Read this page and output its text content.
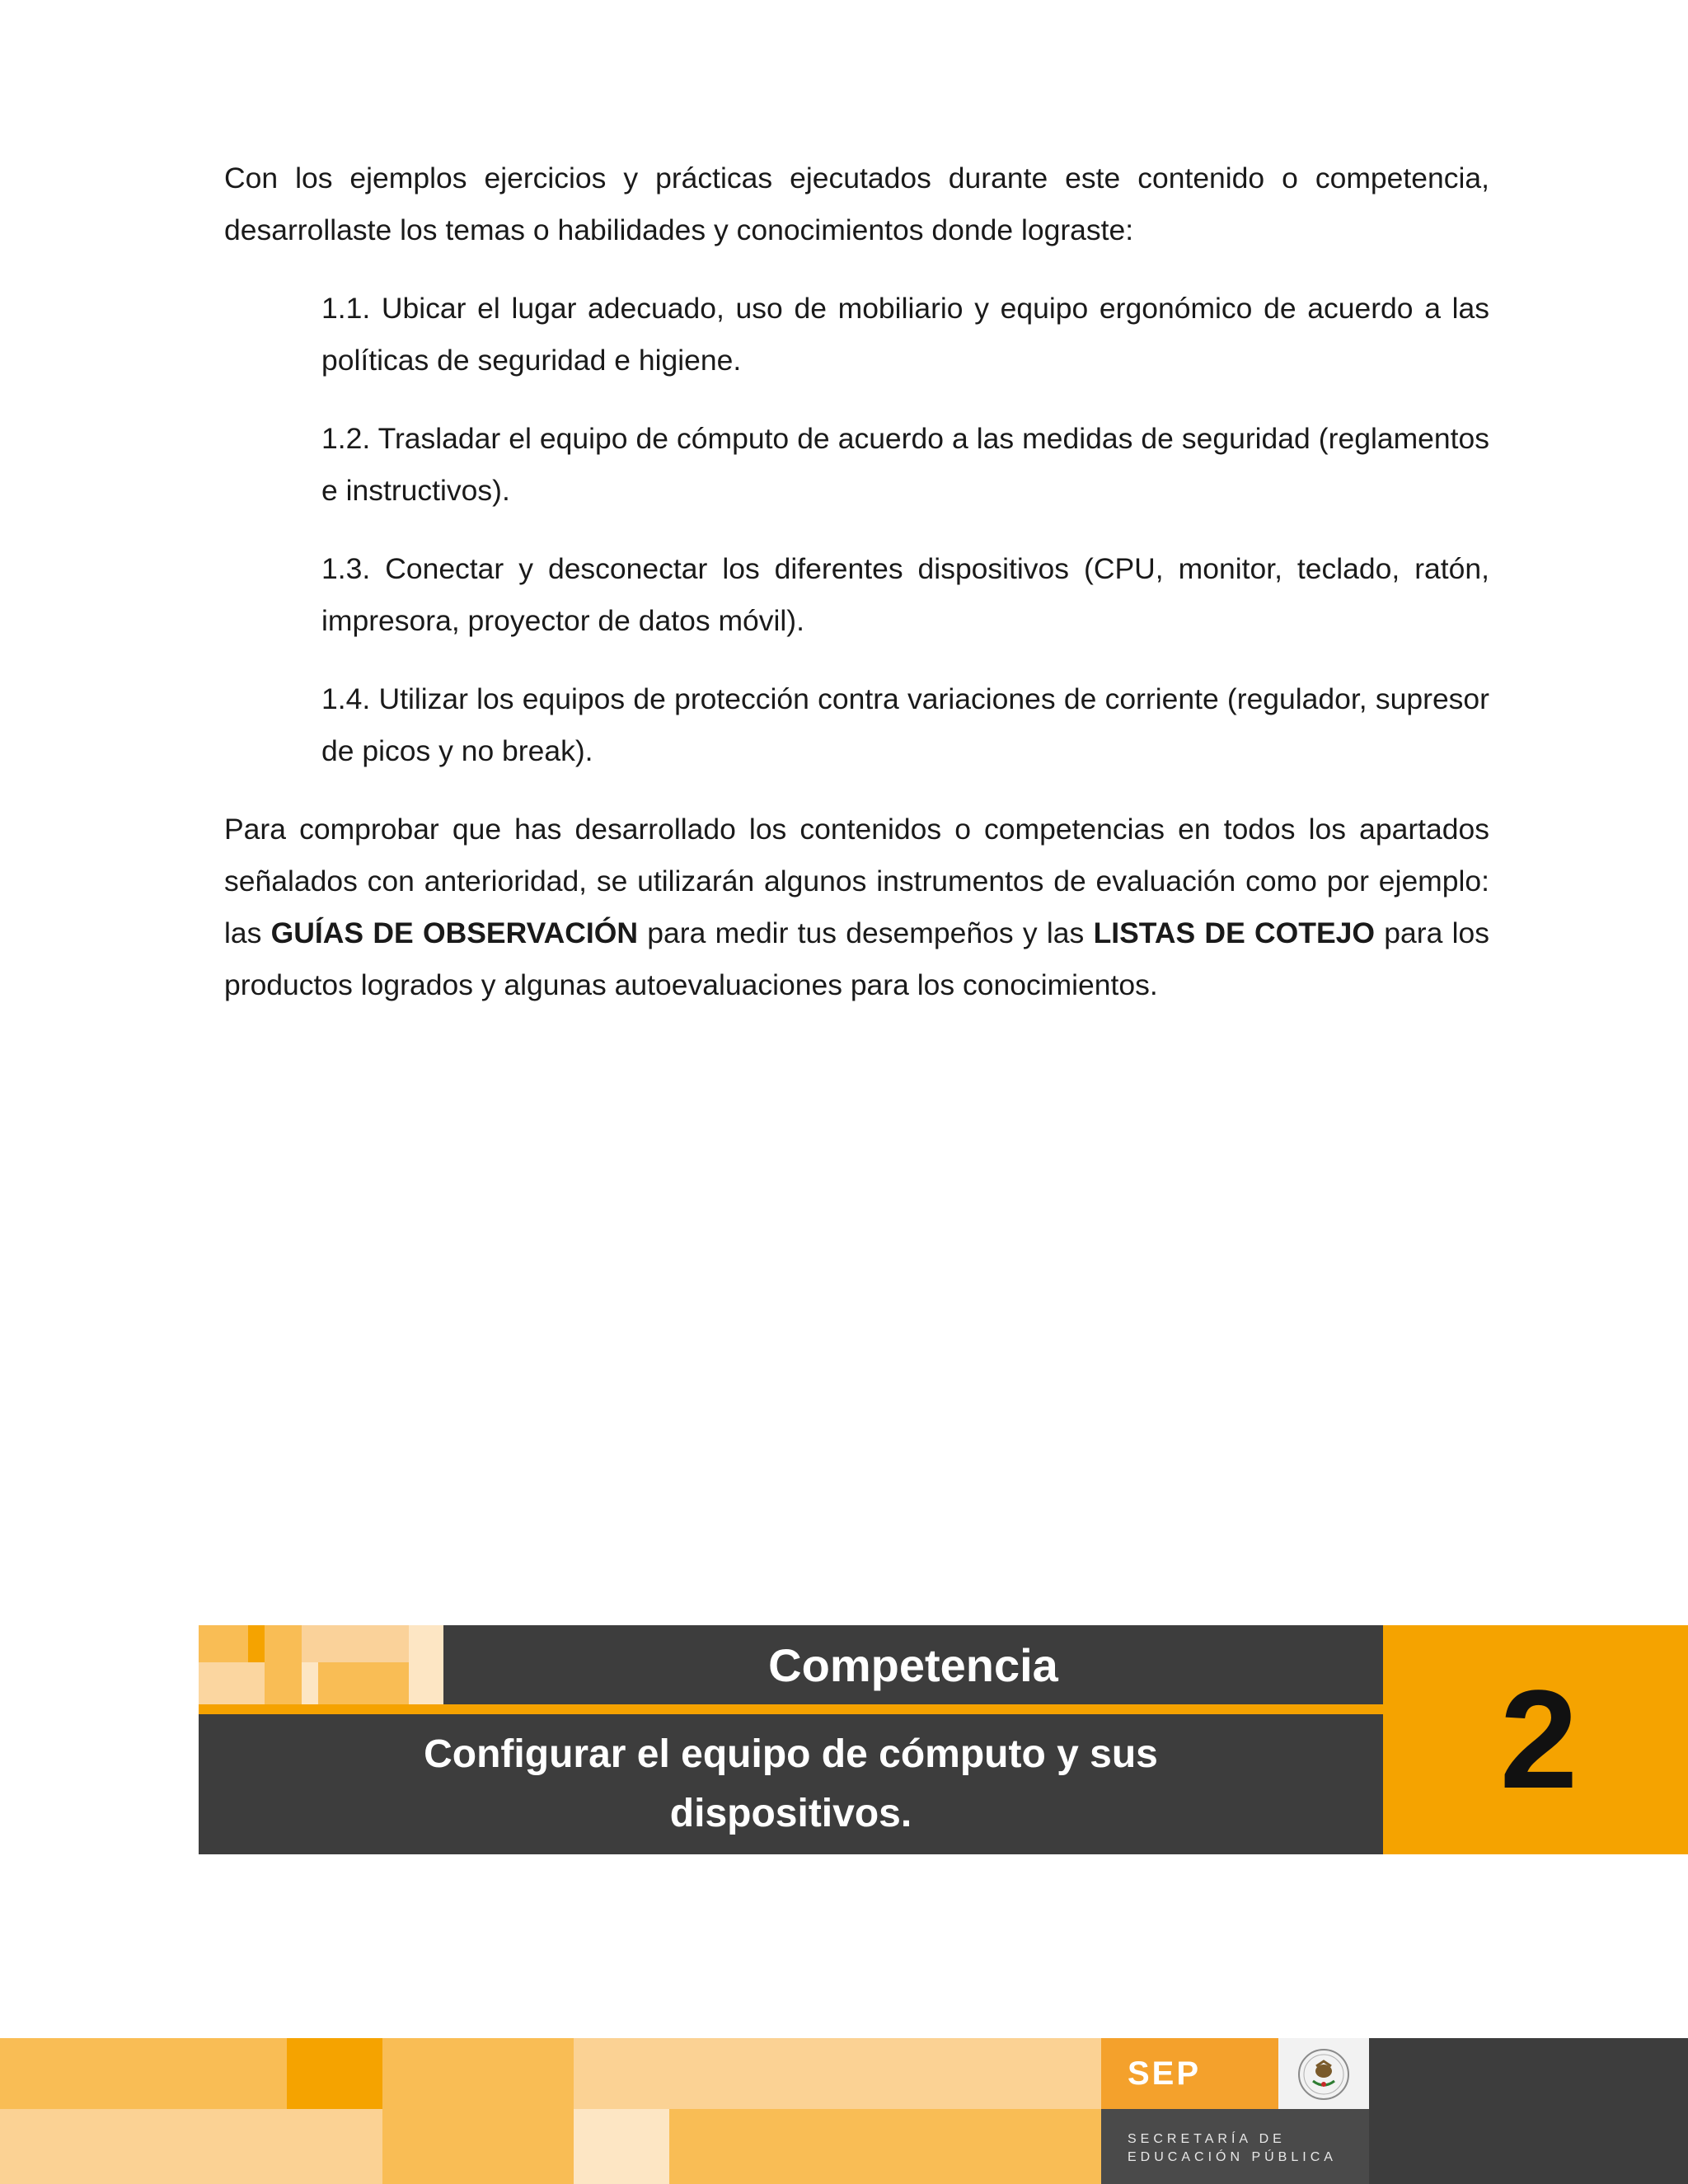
Con los ejemplos ejercicios y prácticas ejecutados durante este contenido o competencia, desarrollaste los temas o habilidades y conocimientos donde lograste:

1.1. Ubicar el lugar adecuado, uso de mobiliario y equipo ergonómico de acuerdo a las políticas de seguridad e higiene.

1.2. Trasladar el equipo de cómputo de acuerdo a las medidas de seguridad (reglamentos e instructivos).

1.3. Conectar y desconectar los diferentes dispositivos (CPU, monitor, teclado, ratón, impresora, proyector de datos móvil).

1.4. Utilizar los equipos de protección contra variaciones de corriente (regulador, supresor de picos y no break).

Para comprobar que has desarrollado los contenidos o competencias en todos los apartados señalados con anterioridad, se utilizarán algunos instrumentos de evaluación como por ejemplo: las GUÍAS DE OBSERVACIÓN para medir tus desempeños y las LISTAS DE COTEJO para los productos logrados y algunas autoevaluaciones para los conocimientos.

Competencia
Configurar el equipo de cómputo y sus dispositivos.	2
SEP
SECRETARÍA DE
EDUCACIÓN PÚBLICA
